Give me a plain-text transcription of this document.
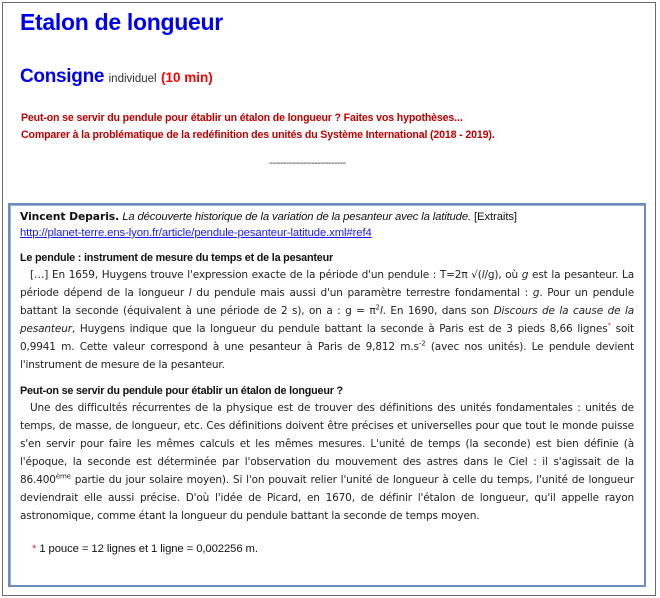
Etalon de longueur
Consigne individuel (10 min)
Peut-on se servir du pendule pour établir un étalon de longueur ? Faites vos hypothèses...
Comparer à la problématique de la redéfinition des unités du Système International (2018 - 2019).
---------------------------
Vincent Deparis. La découverte historique de la variation de la pesanteur avec la latitude. [Extraits]
http://planet-terre.ens-lyon.fr/article/pendule-pesanteur-latitude.xml#ref4
Le pendule : instrument de mesure du temps et de la pesanteur

[…] En 1659, Huygens trouve l'expression exacte de la période d'un pendule : T=2π √(l/g), où g est la pesanteur. La période dépend de la longueur l du pendule mais aussi d'un paramètre terrestre fondamental : g. Pour un pendule battant la seconde (équivalent à une période de 2 s), on a : $g = \pi^2l$. En 1690, dans son Discours de la cause de la pesanteur, Huygens indique que la longueur du pendule battant la seconde à Paris est de 3 pieds 8,66 lignes* soit 0,9941 m. Cette valeur correspond à une pesanteur à Paris de 9,812 $m.s^{-2}$ (avec nos unités). Le pendule devient l'instrument de mesure de la pesanteur.

Peut-on se servir du pendule pour établir un étalon de longueur ?

Une des difficultés récurrentes de la physique est de trouver des définitions des unités fondamentales : unités de temps, de masse, de longueur, etc. Ces définitions doivent être précises et universelles pour que tout le monde puisse s'en servir pour faire les mêmes calculs et les mêmes mesures. L'unité de temps (la seconde) est bien définie (à l'époque, la seconde est déterminée par l'observation du mouvement des astres dans le Ciel : il s'agissait de la 86.400ème partie du jour solaire moyen). Si l'on pouvait relier l'unité de longueur à celle du temps, l'unité de longueur deviendrait elle aussi précise. D'où l'idée de Picard, en 1670, de définir l'étalon de longueur, qu'il appelle rayon astronomique, comme étant la longueur du pendule battant la seconde de temps moyen.

* 1 pouce = 12 lignes et 1 ligne = 0,002256 m.
